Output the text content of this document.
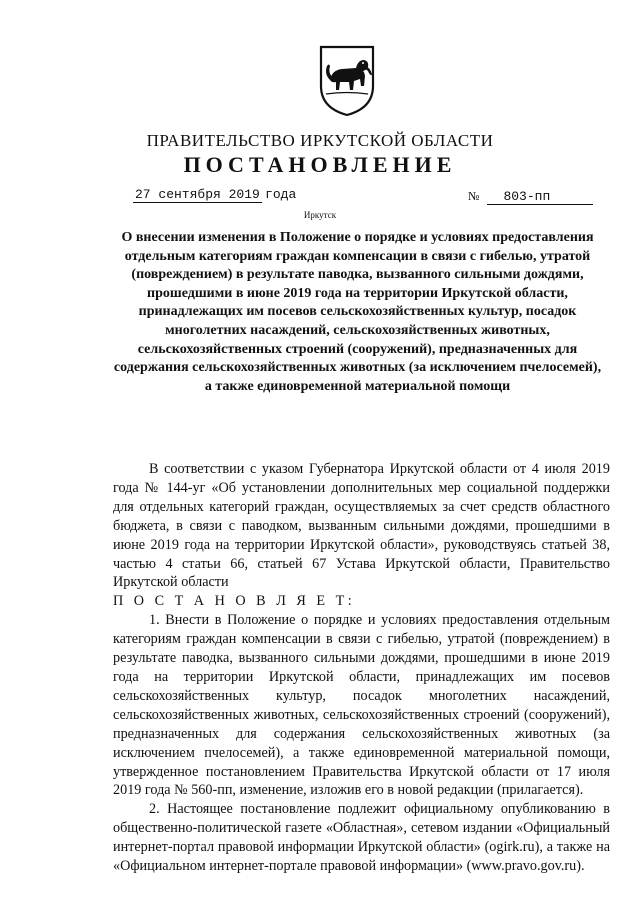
ПРАВИТЕЛЬСТВО ИРКУТСКОЙ ОБЛАСТИ
ПОСТАНОВЛЕНИЕ
27 сентября 2019 года	№ 803-пп
Иркутск
О внесении изменения в Положение о порядке и условиях предоставления отдельным категориям граждан компенсации в связи с гибелью, утратой (повреждением) в результате паводка, вызванного сильными дождями, прошедшими в июне 2019 года на территории Иркутской области, принадлежащих им посевов сельскохозяйственных культур, посадок многолетних насаждений, сельскохозяйственных животных, сельскохозяйственных строений (сооружений), предназначенных для содержания сельскохозяйственных животных (за исключением пчелосемей), а также единовременной материальной помощи

В соответствии с указом Губернатора Иркутской области от 4 июля 2019 года № 144-уг «Об установлении дополнительных мер социальной поддержки для отдельных категорий граждан, осуществляемых за счет средств областного бюджета, в связи с паводком, вызванным сильными дождями, прошедшими в июне 2019 года на территории Иркутской области», руководствуясь статьей 38, частью 4 статьи 66, статьей 67 Устава Иркутской области, Правительство Иркутской области

П О С Т А Н О В Л Я Е Т:

1. Внести в Положение о порядке и условиях предоставления отдельным категориям граждан компенсации в связи с гибелью, утратой (повреждением) в результате паводка, вызванного сильными дождями, прошедшими в июне 2019 года на территории Иркутской области, принадлежащих им посевов сельскохозяйственных культур, посадок многолетних насаждений, сельскохозяйственных животных, сельскохозяйственных строений (сооружений), предназначенных для содержания сельскохозяйственных животных (за исключением пчелосемей), а также единовременной материальной помощи, утвержденное постановлением Правительства Иркутской области от 17 июля 2019 года № 560-пп, изменение, изложив его в новой редакции (прилагается).

2. Настоящее постановление подлежит официальному опубликованию в общественно-политической газете «Областная», сетевом издании «Официальный интернет-портал правовой информации Иркутской области» (ogirk.ru), а также на «Официальном интернет-портале правовой информации» (www.pravo.gov.ru).
